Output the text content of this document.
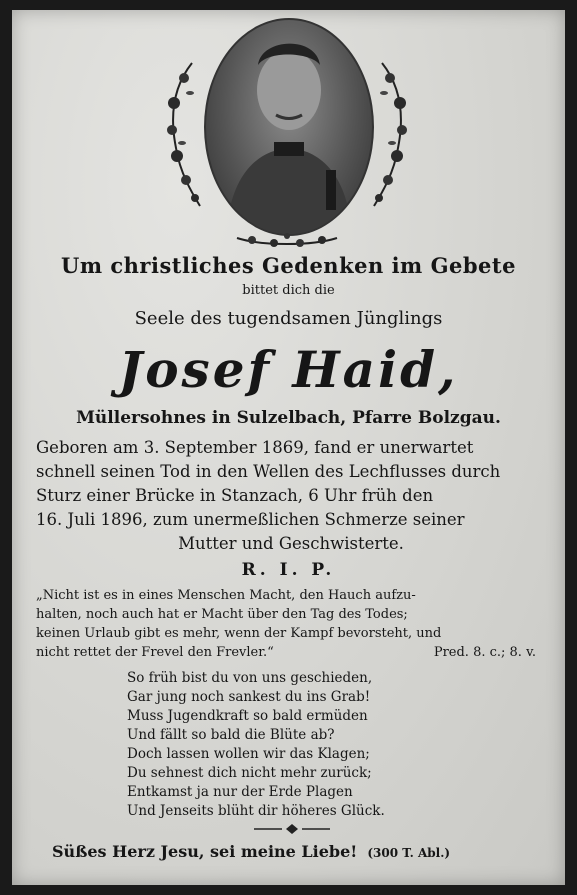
Um christliches Gedenken im Gebete
bittet dich die
Seele des tugendsamen Jünglings
Josef Haid,
Müllersohnes in Sulzelbach, Pfarre Bolzgau.
Geboren am 3. September 1869, fand er unerwartet
schnell seinen Tod in den Wellen des Lechflusses durch
Sturz einer Brücke in Stanzach, 6 Uhr früh den
16. Juli 1896, zum unermeßlichen Schmerze seiner
Mutter und Geschwisterte.
R. I. P.
„Nicht ist es in eines Menschen Macht, den Hauch aufzu-
halten, noch auch hat er Macht über den Tag des Todes;
keinen Urlaub gibt es mehr, wenn der Kampf bevorsteht, und
nicht rettet der Frevel den Frevler.“	Pred. 8. c.; 8. v.
So früh bist du von uns geschieden,
Gar jung noch sankest du ins Grab!
Muss Jugendkraft so bald ermüden
Und fällt so bald die Blüte ab?
Doch lassen wollen wir das Klagen;
Du sehnest dich nicht mehr zurück;
Entkamst ja nur der Erde Plagen
Und Jenseits blüht dir höheres Glück.
Süßes Herz Jesu, sei meine Liebe! (300 T. Abl.)
